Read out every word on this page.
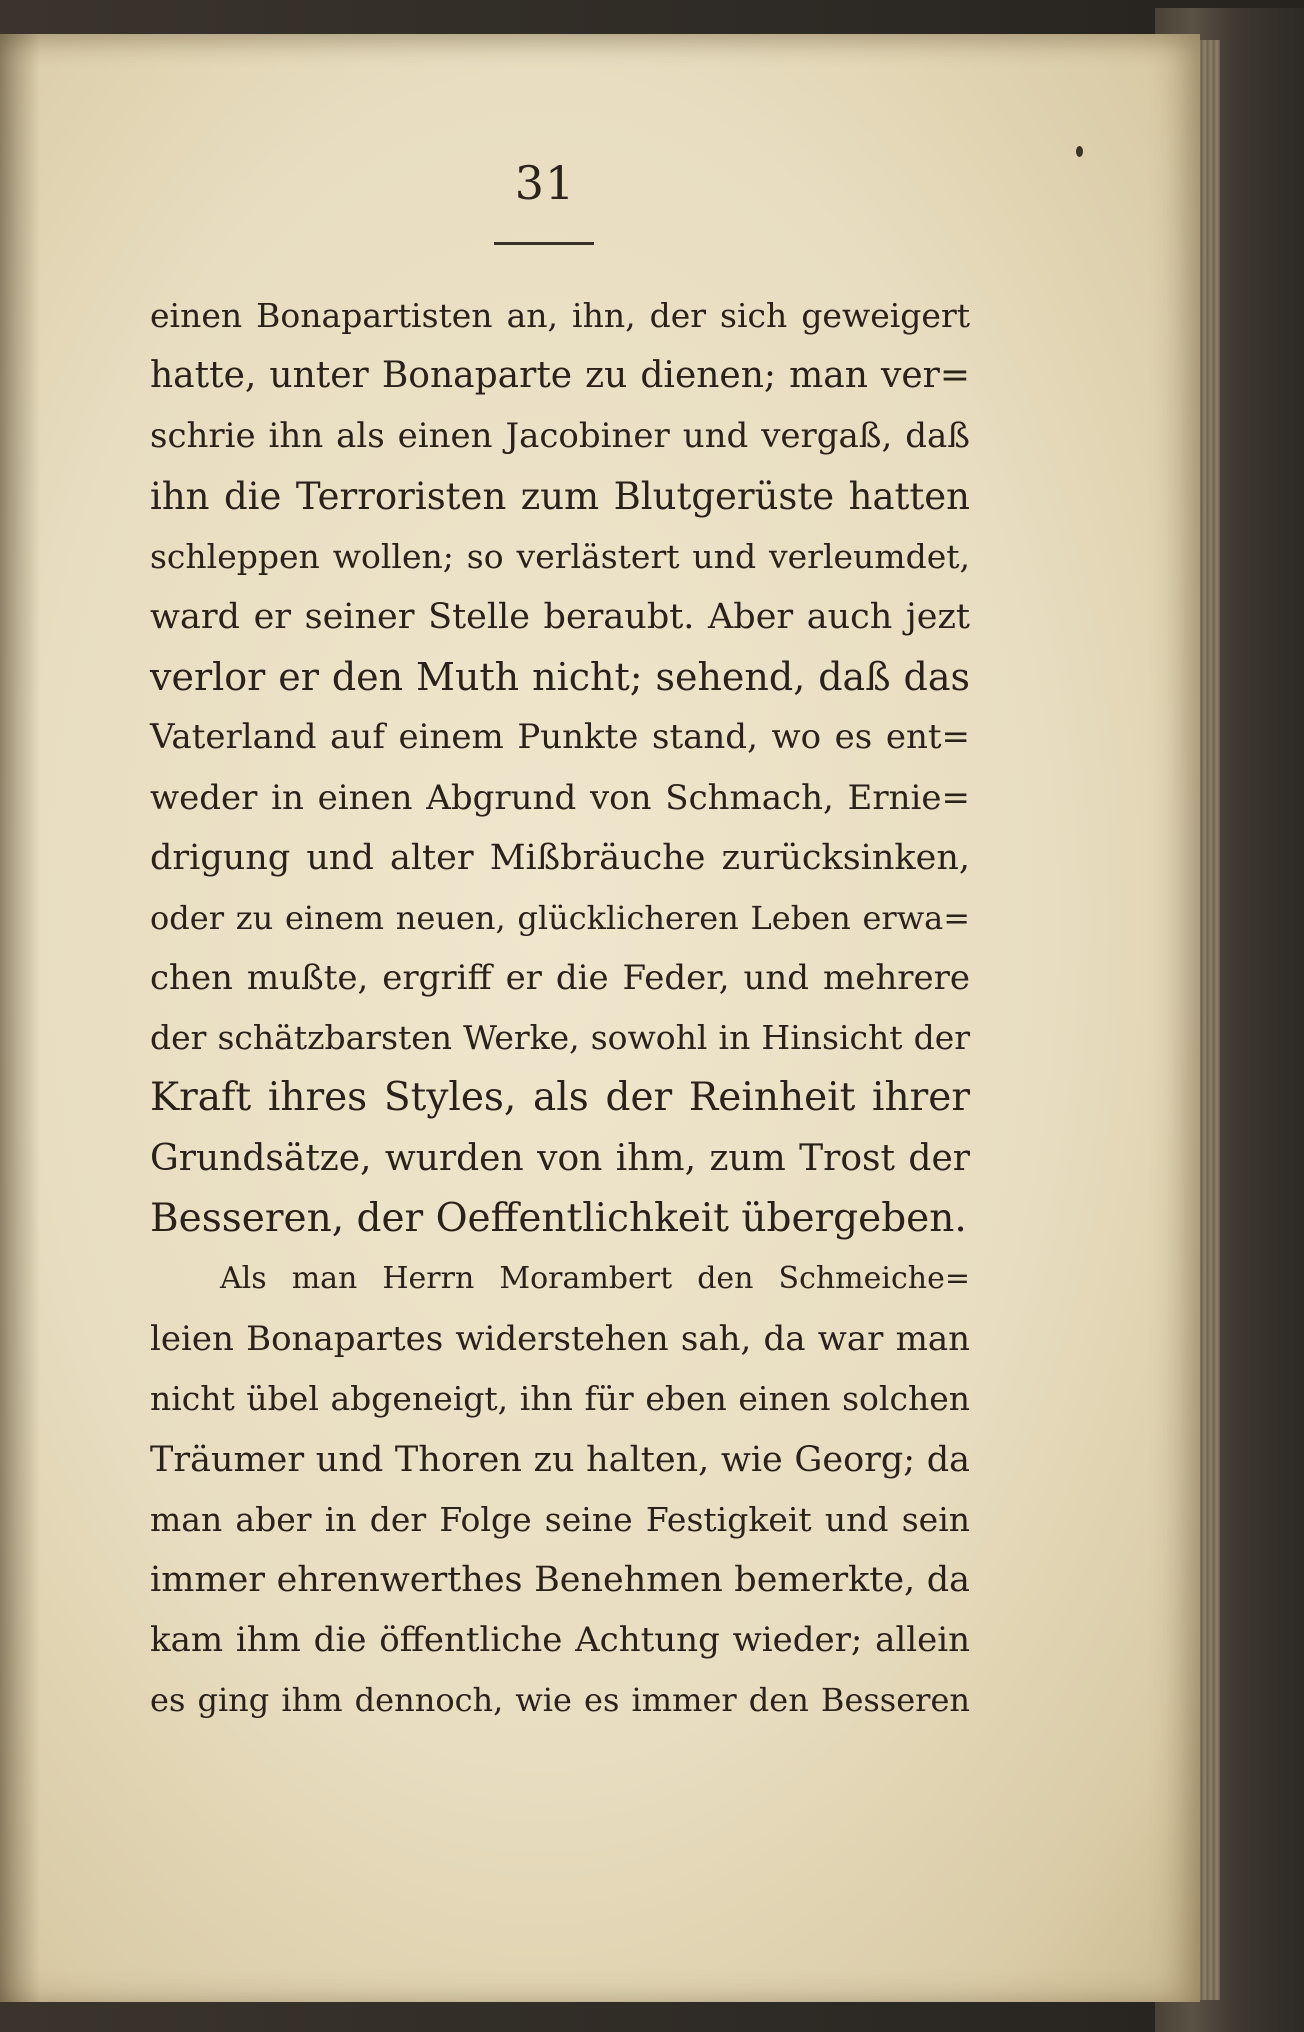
31
einen Bonapartisten an, ihn, der sich geweigert
hatte, unter Bonaparte zu dienen; man ver=
schrie ihn als einen Jacobiner und vergaß, daß
ihn die Terroristen zum Blutgerüste hatten
schleppen wollen; so verlästert und verleumdet,
ward er seiner Stelle beraubt. Aber auch jezt
verlor er den Muth nicht; sehend, daß das
Vaterland auf einem Punkte stand, wo es ent=
weder in einen Abgrund von Schmach, Ernie=
drigung und alter Mißbräuche zurücksinken,
oder zu einem neuen, glücklicheren Leben erwa=
chen mußte, ergriff er die Feder, und mehrere
der schätzbarsten Werke, sowohl in Hinsicht der
Kraft ihres Styles, als der Reinheit ihrer
Grundsätze, wurden von ihm, zum Trost der
Besseren, der Oeffentlichkeit übergeben.
Als man Herrn Morambert den Schmeiche=
leien Bonapartes widerstehen sah, da war man
nicht übel abgeneigt, ihn für eben einen solchen
Träumer und Thoren zu halten, wie Georg; da
man aber in der Folge seine Festigkeit und sein
immer ehrenwerthes Benehmen bemerkte, da
kam ihm die öffentliche Achtung wieder; allein
es ging ihm dennoch, wie es immer den Besseren
